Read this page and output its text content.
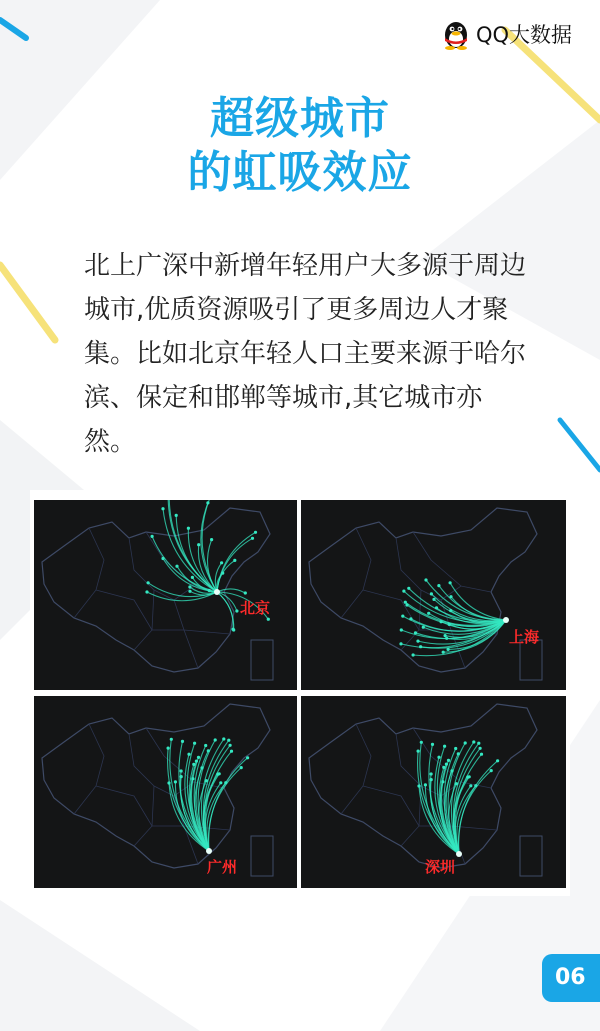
QQ大数据
超级城市
的虹吸效应
北上广深中新增年轻用户大多源于周边城市,优质资源吸引了更多周边人才聚集。比如北京年轻人口主要来源于哈尔滨、保定和邯郸等城市,其它城市亦然。
北京
上海
广州	深圳
06
